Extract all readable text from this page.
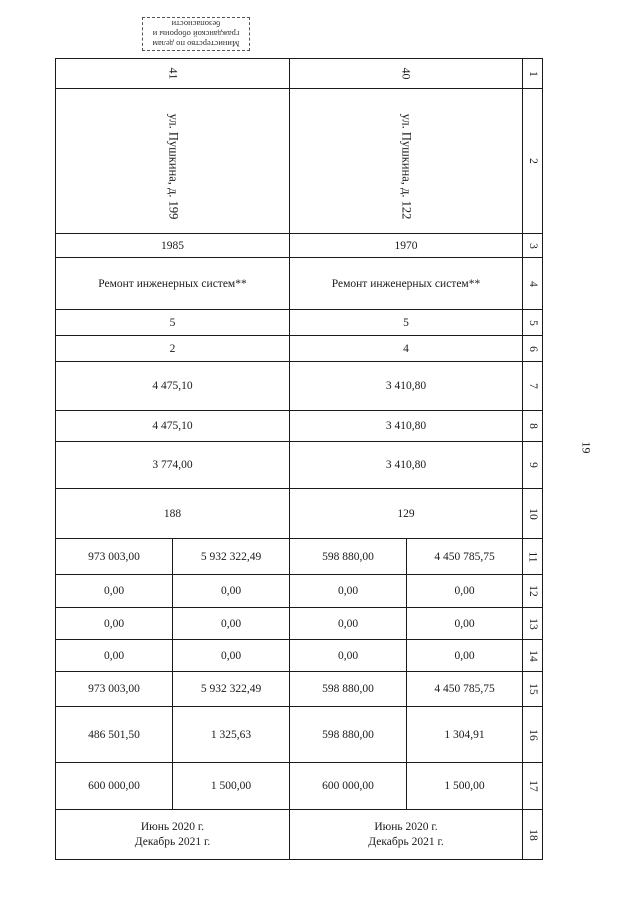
Министерство по делам
гражданской обороны и
безопасности
19
41		40		1
ул. Пушкина, д. 199		ул. Пушкина, д. 122		2
1985		1970		3
Ремонт инженерных систем**		Ремонт инженерных систем**		4
5		5		5
2		4		6
4 475,10		3 410,80		7
4 475,10		3 410,80		8
3 774,00		3 410,80		9
188		129		10
973 003,00	5 932 322,49	598 880,00	4 450 785,75	11
0,00	0,00	0,00	0,00	12
0,00	0,00	0,00	0,00	13
0,00	0,00	0,00	0,00	14
973 003,00	5 932 322,49	598 880,00	4 450 785,75	15
486 501,50	1 325,63	598 880,00	1 304,91	16
600 000,00	1 500,00	600 000,00	1 500,00	17

Июнь 2020 г.
Декабрь 2021 г.		Июнь 2020 г.
Декабрь 2021 г.		18
